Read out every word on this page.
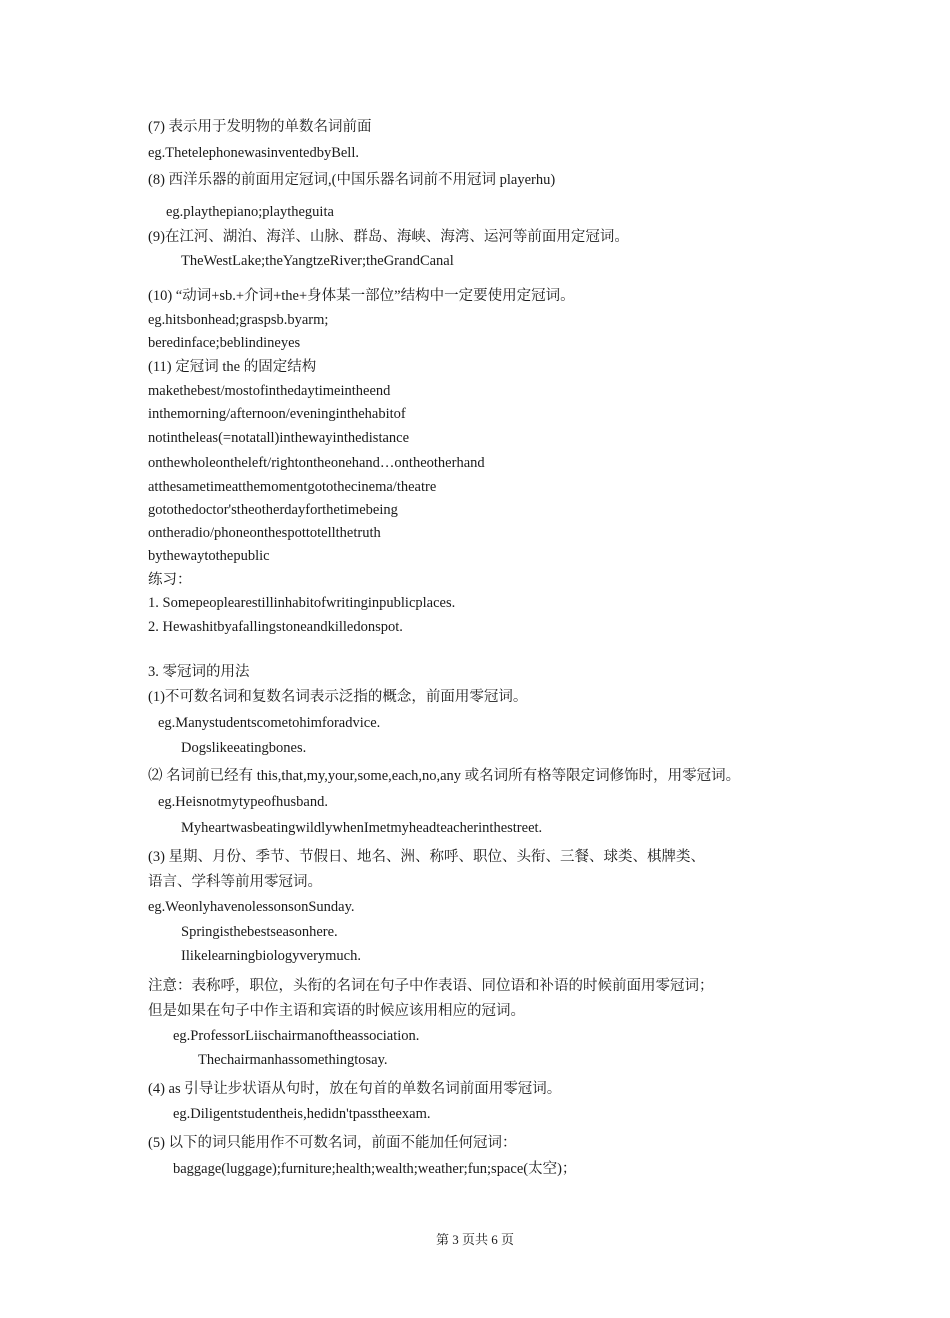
(7) 表示用于发明物的单数名词前面
eg.ThetelephonewasinventedbyBell.
(8) 西洋乐器的前面用定冠词,(中国乐器名词前不用冠词 playerhu)
eg.playthepiano;playtheguita
(9)在江河、湖泊、海洋、山脉、群岛、海峡、海湾、运河等前面用定冠词。
TheWestLake;theYangtzeRiver;theGrandCanal
(10) “动词+sb.+介词+the+身体某一部位”结构中一定要使用定冠词。
eg.hitsbonhead;graspsb.byarm;
beredinface;beblindineyes
(11) 定冠词 the 的固定结构
makethebest/mostofinthedaytimeintheend
inthemorning/afternoon/eveninginthehabitof
notintheleas(=notatall)inthewayinthedistance
onthewholeontheleft/rightontheonehand…ontheotherhand
atthesametimeatthemomentgotothecinema/theatre
gotothedoctor'stheotherdayforthetimebeing
ontheradio/phoneonthespottotellthetruth
bythewaytothepublic
练习：
1. Somepeoplearestillinhabitofwritinginpublicplaces.
2. Hewashitbyafallingstoneandkilledonspot.
3. 零冠词的用法
(1)不可数名词和复数名词表示泛指的概念，前面用零冠词。
eg.Manystudentscometohimforadvice.
Dogslikeeatingbones.
⑵ 名词前已经有 this,that,my,your,some,each,no,any 或名词所有格等限定词修饰时，用零冠词。
eg.Heisnotmytypeofhusband.
MyheartwasbeatingwildlywhenImetmyheadteacherinthestreet.
(3) 星期、月份、季节、节假日、地名、洲、称呼、职位、头衔、三餐、球类、棋牌类、
语言、学科等前用零冠词。
eg.WeonlyhavenolessonsonSunday.
Springisthebestseasonhere.
Ilikelearningbiologyverymuch.
注意：表称呼，职位，头衔的名词在句子中作表语、同位语和补语的时候前面用零冠词；
但是如果在句子中作主语和宾语的时候应该用相应的冠词。
eg.ProfessorLiischairmanoftheassociation.
Thechairmanhassomethingtosay.
(4) as 引导让步状语从句时，放在句首的单数名词前面用零冠词。
eg.Diligentstudentheis,hedidn'tpasstheexam.
(5) 以下的词只能用作不可数名词，前面不能加任何冠词：
baggage(luggage);furniture;health;wealth;weather;fun;space(太空)；
第 3 页共 6 页
